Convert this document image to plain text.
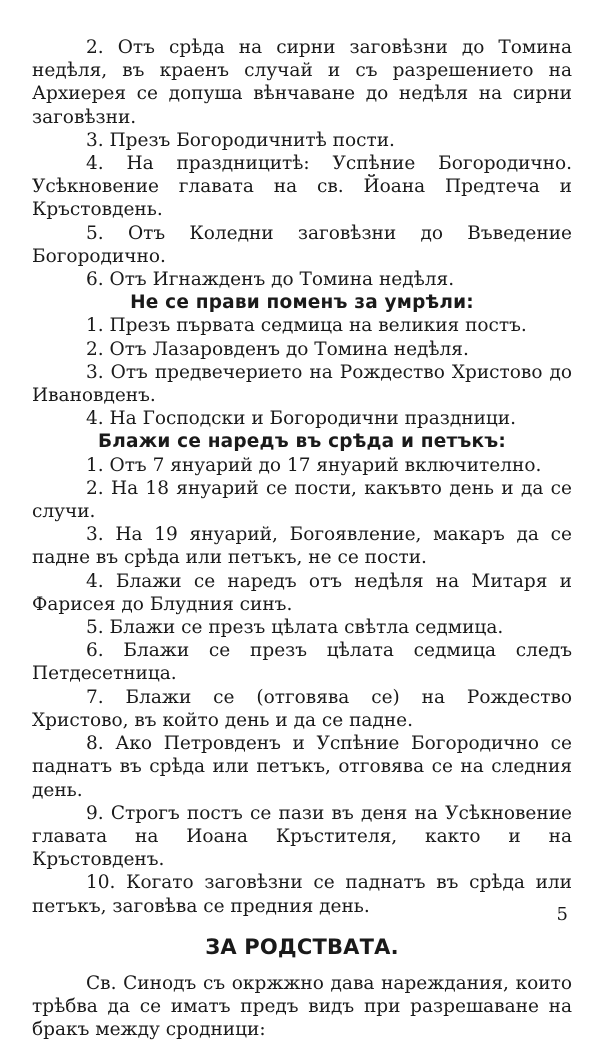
2. Отъ срѣда на сирни заговѣзни до Томина недѣля, въ краенъ случай и съ разрешението на Архиерея се допуша вѣнчаване до недѣля на сирни заговѣзни.

3. Презъ Богородичнитѣ пости.

4. На праздницитѣ: Успѣние Богородично. Усѣкновение главата на св. Йоана Предтеча и Кръстовдень.

5. Отъ Коледни заговѣзни до Въведение Богородично.

6. Отъ Игнажденъ до Томина недѣля.

Не се прави поменъ за умрѣли:

1. Презъ първата седмица на великия постъ.

2. Отъ Лазаровденъ до Томина недѣля.

3. Отъ предвечерието на Рождество Христово до Ивановденъ.

4. На Господски и Богородични праздници.

Блажи се наредъ въ срѣда и петъкъ:

1. Отъ 7 януарий до 17 януарий включително.

2. На 18 януарий се пости, какъвто день и да се случи.

3. На 19 януарий, Богоявление, макаръ да се падне въ срѣда или петъкъ, не се пости.

4. Блажи се наредъ отъ недѣля на Митаря и Фарисея до Блудния синъ.

5. Блажи се презъ цѣлата свѣтла седмица.

6. Блажи се презъ цѣлата седмица следъ Петдесетница.

7. Блажи се (отговява се) на Рождество Христово, въ който день и да се падне.

8. Ако Петровденъ и Успѣние Богородично се паднатъ въ срѣда или петъкъ, отговява се на следния день.

9. Строгъ постъ се пази въ деня на Усѣкновение главата на Иоана Кръстителя, както и на Кръстовденъ.

10. Когато заговѣзни се паднатъ въ срѣда или петъкъ, заговѣва се предния день.

ЗА РОДСТВАТА.

Св. Синодъ съ окржжно дава нареждания, които трѣбва да се иматъ предъ видъ при разрешаване на бракъ между сродници:

5
